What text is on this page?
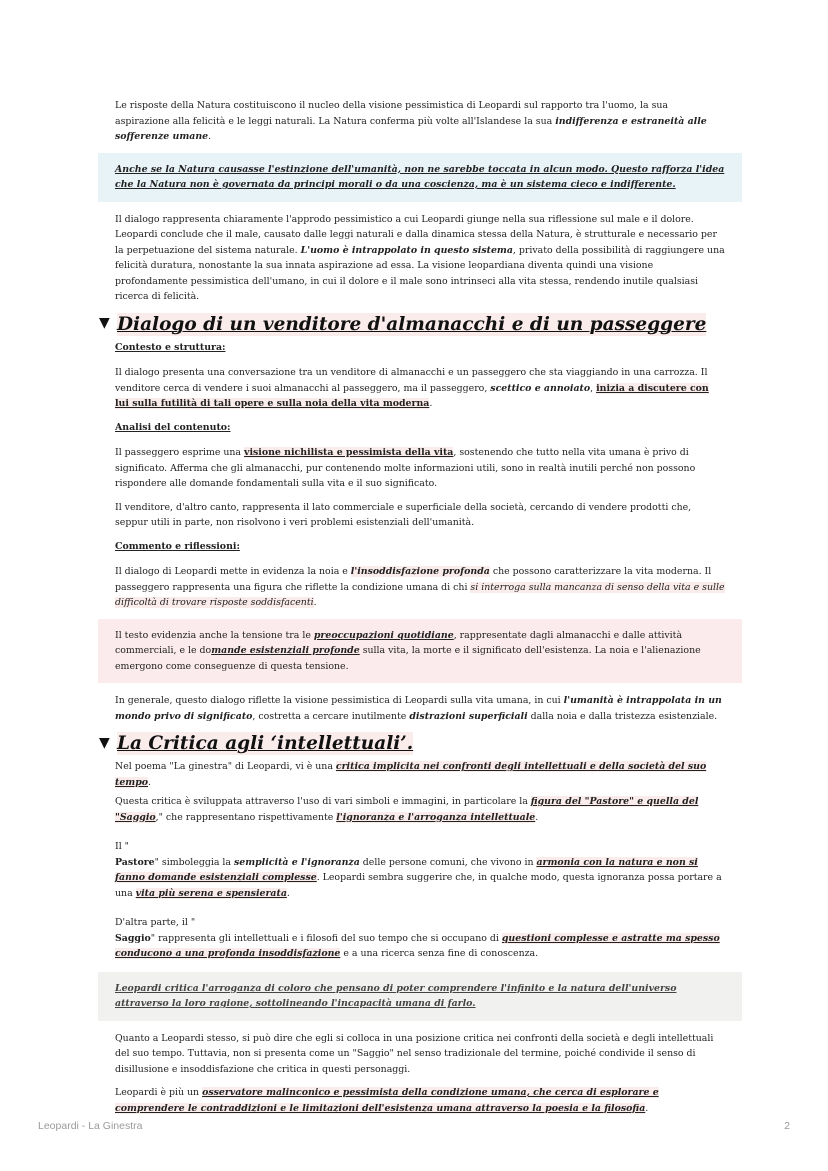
Le risposte della Natura costituiscono il nucleo della visione pessimistica di Leopardi sul rapporto tra l'uomo, la sua aspirazione alla felicità e le leggi naturali. La Natura conferma più volte all'Islandese la sua indifferenza e estraneità alle sofferenze umane.

Anche se la Natura causasse l'estinzione dell'umanità, non ne sarebbe toccata in alcun modo. Questo rafforza l'idea che la Natura non è governata da principi morali o da una coscienza, ma è un sistema cieco e indifferente.

Il dialogo rappresenta chiaramente l'approdo pessimistico a cui Leopardi giunge nella sua riflessione sul male e il dolore. Leopardi conclude che il male, causato dalle leggi naturali e dalla dinamica stessa della Natura, è strutturale e necessario per la perpetuazione del sistema naturale. L'uomo è intrappolato in questo sistema, privato della possibilità di raggiungere una felicità duratura, nonostante la sua innata aspirazione ad essa. La visione leopardiana diventa quindi una visione profondamente pessimistica dell'umano, in cui il dolore e il male sono intrinseci alla vita stessa, rendendo inutile qualsiasi ricerca di felicità.

▼ Dialogo di un venditore d'almanacchi e di un passeggere

Contesto e struttura:

Il dialogo presenta una conversazione tra un venditore di almanacchi e un passeggero che sta viaggiando in una carrozza. Il venditore cerca di vendere i suoi almanacchi al passeggero, ma il passeggero, scettico e annoiato, inizia a discutere con lui sulla futilità di tali opere e sulla noia della vita moderna.

Analisi del contenuto:

Il passeggero esprime una visione nichilista e pessimista della vita, sostenendo che tutto nella vita umana è privo di significato. Afferma che gli almanacchi, pur contenendo molte informazioni utili, sono in realtà inutili perché non possono rispondere alle domande fondamentali sulla vita e il suo significato.

Il venditore, d'altro canto, rappresenta il lato commerciale e superficiale della società, cercando di vendere prodotti che, seppur utili in parte, non risolvono i veri problemi esistenziali dell'umanità.

Commento e riflessioni:

Il dialogo di Leopardi mette in evidenza la noia e l'insoddisfazione profonda che possono caratterizzare la vita moderna. Il passeggero rappresenta una figura che riflette la condizione umana di chi si interroga sulla mancanza di senso della vita e sulle difficoltà di trovare risposte soddisfacenti.

Il testo evidenzia anche la tensione tra le preoccupazioni quotidiane, rappresentate dagli almanacchi e dalle attività commerciali, e le domande esistenziali profonde sulla vita, la morte e il significato dell'esistenza. La noia e l'alienazione emergono come conseguenze di questa tensione.

In generale, questo dialogo riflette la visione pessimistica di Leopardi sulla vita umana, in cui l'umanità è intrappolata in un mondo privo di significato, costretta a cercare inutilmente distrazioni superficiali dalla noia e dalla tristezza esistenziale.

▼ La Critica agli ‘intellettuali’.

Nel poema "La ginestra" di Leopardi, vi è una critica implicita nei confronti degli intellettuali e della società del suo tempo.

Questa critica è sviluppata attraverso l'uso di vari simboli e immagini, in particolare la figura del "Pastore" e quella del "Saggio," che rappresentano rispettivamente l'ignoranza e l'arroganza intellettuale.

Il "
Pastore" simboleggia la semplicità e l'ignoranza delle persone comuni, che vivono in armonia con la natura e non si fanno domande esistenziali complesse. Leopardi sembra suggerire che, in qualche modo, questa ignoranza possa portare a una vita più serena e spensierata.

D'altra parte, il "
Saggio" rappresenta gli intellettuali e i filosofi del suo tempo che si occupano di questioni complesse e astratte ma spesso conducono a una profonda insoddisfazione e a una ricerca senza fine di conoscenza.

Leopardi critica l'arroganza di coloro che pensano di poter comprendere l'infinito e la natura dell'universo attraverso la loro ragione, sottolineando l'incapacità umana di farlo.

Quanto a Leopardi stesso, si può dire che egli si colloca in una posizione critica nei confronti della società e degli intellettuali del suo tempo. Tuttavia, non si presenta come un "Saggio" nel senso tradizionale del termine, poiché condivide il senso di disillusione e insoddisfazione che critica in questi personaggi.

Leopardi è più un osservatore malinconico e pessimista della condizione umana, che cerca di esplorare e comprendere le contraddizioni e le limitazioni dell'esistenza umana attraverso la poesia e la filosofia.

Leopardi - La Ginestra	2
